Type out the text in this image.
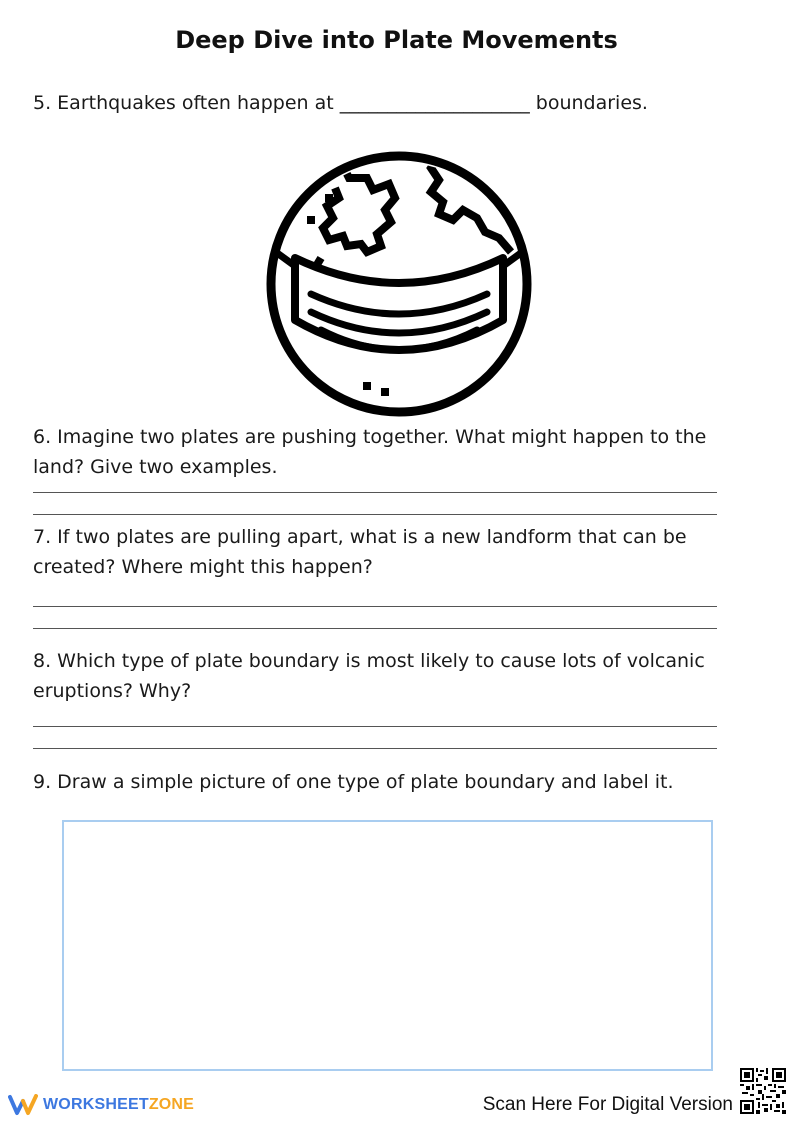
Deep Dive into Plate Movements
5. Earthquakes often happen at ____________________ boundaries.
6. Imagine two plates are pushing together. What might happen to the land? Give two examples.
7. If two plates are pulling apart, what is a new landform that can be created? Where might this happen?
8. Which type of plate boundary is most likely to cause lots of volcanic eruptions? Why?
9. Draw a simple picture of one type of plate boundary and label it.
WORKSHEETZONE	Scan Here For Digital Version
